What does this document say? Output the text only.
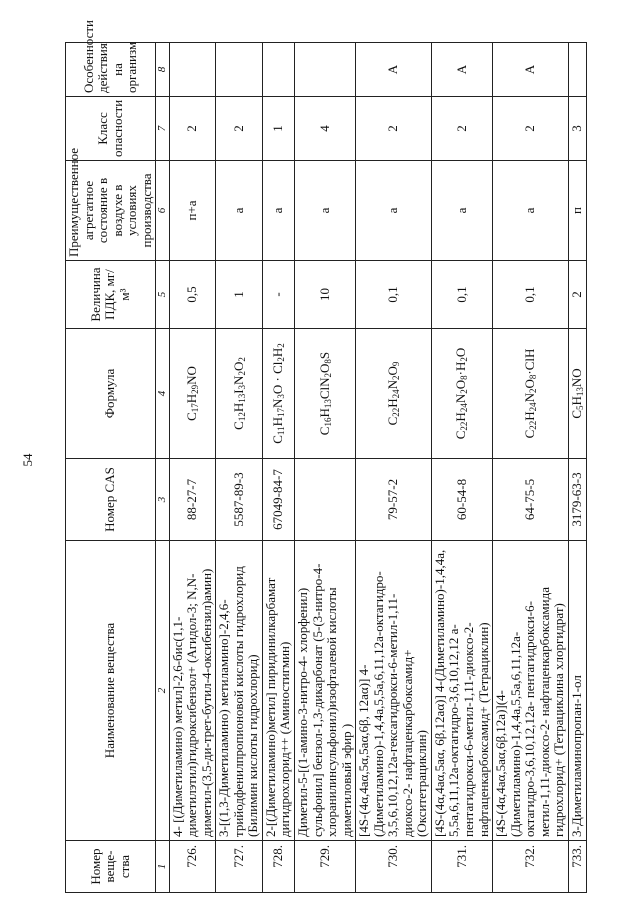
54
Номер веще-ства	Наименование вещества	Номер CAS	Формула	Величина ПДК, мг/м³	Преимущественное агрегатное состояние в воздухе в условиях производства	Класс опасности	Особенности действия на организм
1	2	3	4	5	6	7	8
726.	4- [(Диметиламино) метил]-2,6-бис(1,1- диметилэтил)гидроксибензол+ (Агидол-3; N,N-диметил-(3,5-ди-трет-бутил-4-оксибензил)амин)	88-27-7	$C_{17}H_{29}NO$	0,5	п+а	2	
727.	3-[(1,3-Диметиламино) метиламино]-2,4,6-трийодфенилпропионовой кислоты гидрохлорид (Билимин кислоты гидрохлорид)	5587-89-3	$C_{12}H_{13}I_3N_2O_2$	1	а	2	
728.	2-[(Диметиламино)метил] пиридинилкарбамат дигидрохлорид++ (Аминостигмин)	67049-84-7	$C_{11}H_{17}N_3O \cdot Cl_2H_2$	-	а	1	
729.	Диметил-5-[(1-амино-3-нитро-4- хлорфенил) сульфонил] бензол-1,3-дикарбонат (5-(3-нитро-4-хлоранилинсульфонил)изофталевой кислоты диметиловый эфир )		$C_{16}H_{13}ClN_2O_8S$	10	а	4	
730.	[4S-(4α,4аα,5α,5аα,6β, 12аα)] 4- (Диметиламино)-1,4,4а,5,5а,6,11,12а-октагидро- 3,5,6,10,12,12а-гексагидрокси-6-метил-1,11-диоксо-2- нафтаценкарбоксамид+ (Окситетрациклин)	79-57-2	$C_{22}H_{24}N_2O_9$	0,1	а	2	А
731.	[4S-(4α,4аα,5аα, 6β,12аα)] 4-(Диметиламино)-1,4,4а, 5,5а,6,11,12а-октагидро-3,6,10,12,12 а- пентагидрокси-6-метил-1,11-диоксо-2- нафтаценкарбоксамид+ (Тетрациклин)	60-54-8	$C_{22}H_{24}N_2O_8\cdot H_2O$	0,1	а	2	А
732.	[4S-(4α,4аα,5аα,6β,12а)](4-(Диметиламино)-1,4,4а,5,5а,6,11,12а-октагидро-3,6,10,12,12а- пентагидрокси-6-метил-1,11-диоксо-2- нафтаценкарбоксамида гидрохлорид+ (Тетрациклина хлоргидрат)	64-75-5	$C_{22}H_{24}N_2O_8\cdot ClH$	0,1	а	2	А
733.	3-Диметиламинопропан-1-ол	3179-63-3	$C_5H_{13}NO$	2	п	3	
